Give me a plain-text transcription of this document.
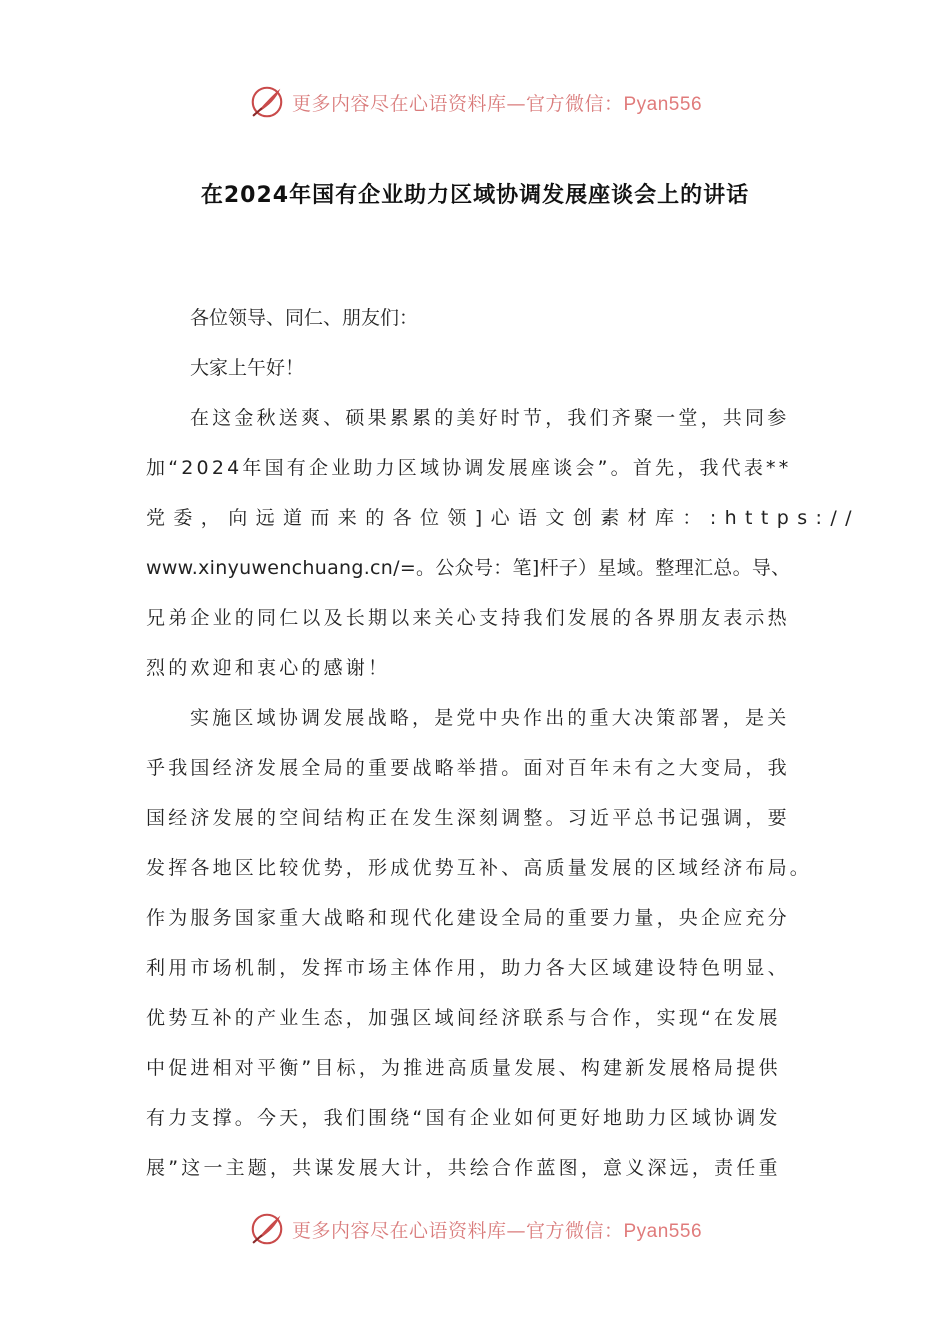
更多内容尽在心语资料库—官方微信：Pyan556
在2024年国有企业助力区域协调发展座谈会上的讲话
各位领导、同仁、朋友们：
大家上午好！
在这金秋送爽、硕果累累的美好时节，我们齐聚一堂，共同参
加“2024年国有企业助力区域协调发展座谈会”。首先，我代表**
党委，向远道而来的各位领]心语文创素材库：:https://
www.xinyuwenchuang.cn/=。公众号：笔]杆子）星域。整理汇总。导、
兄弟企业的同仁以及长期以来关心支持我们发展的各界朋友表示热
烈的欢迎和衷心的感谢！
实施区域协调发展战略，是党中央作出的重大决策部署，是关
乎我国经济发展全局的重要战略举措。面对百年未有之大变局，我
国经济发展的空间结构正在发生深刻调整。习近平总书记强调，要
发挥各地区比较优势，形成优势互补、高质量发展的区域经济布局。
作为服务国家重大战略和现代化建设全局的重要力量，央企应充分
利用市场机制，发挥市场主体作用，助力各大区域建设特色明显、
优势互补的产业生态，加强区域间经济联系与合作，实现“在发展
中促进相对平衡”目标，为推进高质量发展、构建新发展格局提供
有力支撑。今天，我们围绕“国有企业如何更好地助力区域协调发
展”这一主题，共谋发展大计，共绘合作蓝图，意义深远，责任重
更多内容尽在心语资料库—官方微信：Pyan556
